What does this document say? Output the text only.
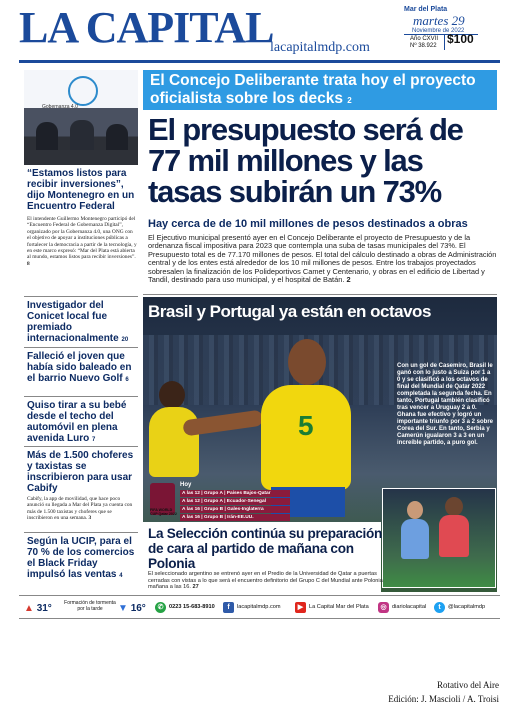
LA CAPITAL
lacapitalmdp.com
Mar del Plata
martes 29
Noviembre de 2022
Año CXVII
Nº 38.922 $100
Gobernanza 4.0
“Estamos listos para recibir inversiones”, dijo Montenegro en un Encuentro Federal
El intendente Guillermo Montenegro participó del “Encuentro Federal de Gobernanza Digital”, organizado por la Gobernanza 4.0, una ONG con el objetivo de apoyar a instituciones públicas a fortalecer la democracia a partir de la tecnología, y en este marco expresó: “Mar del Plata está abierta al mundo, estamos listos para recibir inversiones”. 8
Investigador del Conicet local fue premiado internacionalmente 20
Falleció el joven que había sido baleado en el barrio Nuevo Golf 6
Quiso tirar a su bebé desde el techo del automóvil en plena avenida Luro 7
Más de 1.500 choferes y taxistas se inscribieron para usar Cabify
Cabify, la app de movilidad, que hace poco anunció su llegada a Mar del Plata ya cuenta con más de 1.500 taxistas y choferes que se inscribieron en una semana. 3
Según la UCIP, para el 70 % de los comercios el Black Friday impulsó las ventas 4
El Concejo Deliberante trata hoy el proyecto oficialista sobre los decks 2
El presupuesto será de 77 mil millones y las tasas subirán un 73%
Hay cerca de de 10 mil millones de pesos destinados a obras
El Ejecutivo municipal presentó ayer en el Concejo Deliberante el proyecto de Presupuesto y de la ordenanza fiscal impositiva para 2023 que contempla una suba de tasas municipales del 73%. El Presupuesto total es de 77.170 millones de pesos. El total del cálculo destinado a obras de Administración central y de los entes está alrededor de los 10 mil millones de pesos. Entre los trabajos proyectados sobresalen la finalización de los Polideportivos Camet y Centenario, y obras en el edificio de Libertad y Tandil, destinado para uso municipal, y el hospital de Batán. 2
Brasil y Portugal ya están en octavos
Con un gol de Casemiro, Brasil le ganó con lo justo a Suiza por 1 a 0 y se clasificó a los octavos de final del Mundial de Qatar 2022 completada la segunda fecha. En tanto, Portugal también clasificó tras vencer a Uruguay 2 a 0. Ghana fue efectivo y logró un importante triunfo por 3 a 2 sobre Corea del Sur. En tanto, Serbia y Camerún igualaron 3 a 3 en un increíble partido, a puro gol.
5
FIFA WORLD CUP Qatar 2022
Hoy
A las 12 | Grupo A | Países Bajos-Qatar
A las 12 | Grupo A | Ecuador-Senegal
A las 16 | Grupo B | Gales-Inglaterra
A las 16 | Grupo B | Irán-EE.UU.
La Selección continúa su preparación de cara al partido de mañana con Polonia
El seleccionado argentino se entrenó ayer en el Predio de la Universidad de Qatar a puertas cerradas con vistas a lo que será el encuentro definitorio del Grupo C del Mundial ante Polonia mañana a las 16. 27
▲ 31° Formación de tormenta por la tarde	▼ 16°	✆ 0223 15-683-8910	f	lacapitalmdp.com	▶	La Capital Mar del Plata	◎ diariolacapital	t	@lacapitalmdp
Rotativo del Aire
Edición: J. Mascioli / A. Troisi
